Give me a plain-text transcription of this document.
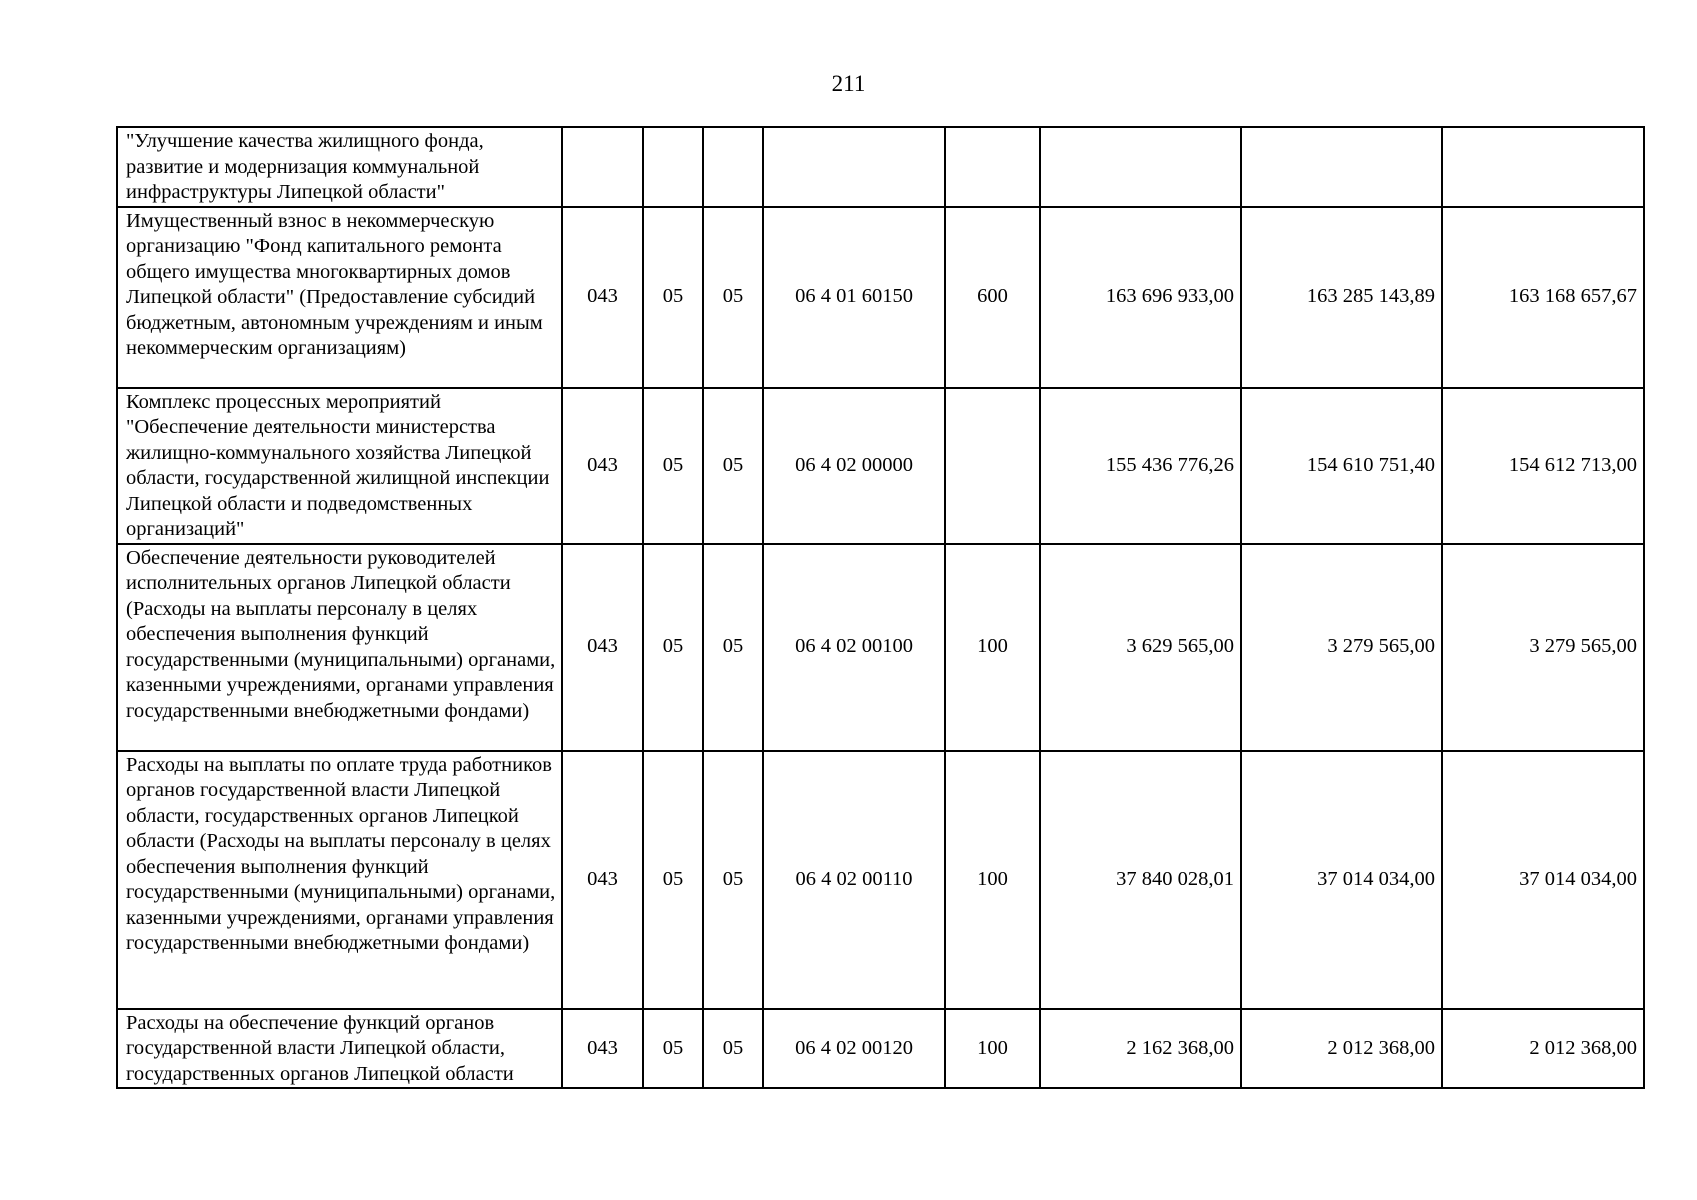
211
"Улучшение качества жилищного фонда, развитие и модернизация коммунальной инфраструктуры Липецкой области"								
Имущественный взнос в некоммерческую организацию "Фонд капитального ремонта общего имущества многоквартирных домов Липецкой области" (Предоставление субсидий бюджетным, автономным учреждениям и иным некоммерческим организациям)	043	05	05	06 4 01 60150	600	163 696 933,00	163 285 143,89	163 168 657,67
Комплекс процессных мероприятий "Обеспечение деятельности министерства жилищно-коммунального хозяйства Липецкой области, государственной жилищной инспекции Липецкой области и подведомственных организаций"	043	05	05	06 4 02 00000		155 436 776,26	154 610 751,40	154 612 713,00
Обеспечение деятельности руководителей исполнительных органов Липецкой области (Расходы на выплаты персоналу в целях обеспечения выполнения функций государственными (муниципальными) органами, казенными учреждениями, органами управления государственными внебюджетными фондами)	043	05	05	06 4 02 00100	100	3 629 565,00	3 279 565,00	3 279 565,00
Расходы на выплаты по оплате труда работников органов государственной власти Липецкой области, государственных органов Липецкой области (Расходы на выплаты персоналу в целях обеспечения выполнения функций государственными (муниципальными) органами, казенными учреждениями, органами управления государственными внебюджетными фондами)	043	05	05	06 4 02 00110	100	37 840 028,01	37 014 034,00	37 014 034,00
Расходы на обеспечение функций органов государственной власти Липецкой области, государственных органов Липецкой области	043	05	05	06 4 02 00120	100	2 162 368,00	2 012 368,00	2 012 368,00
